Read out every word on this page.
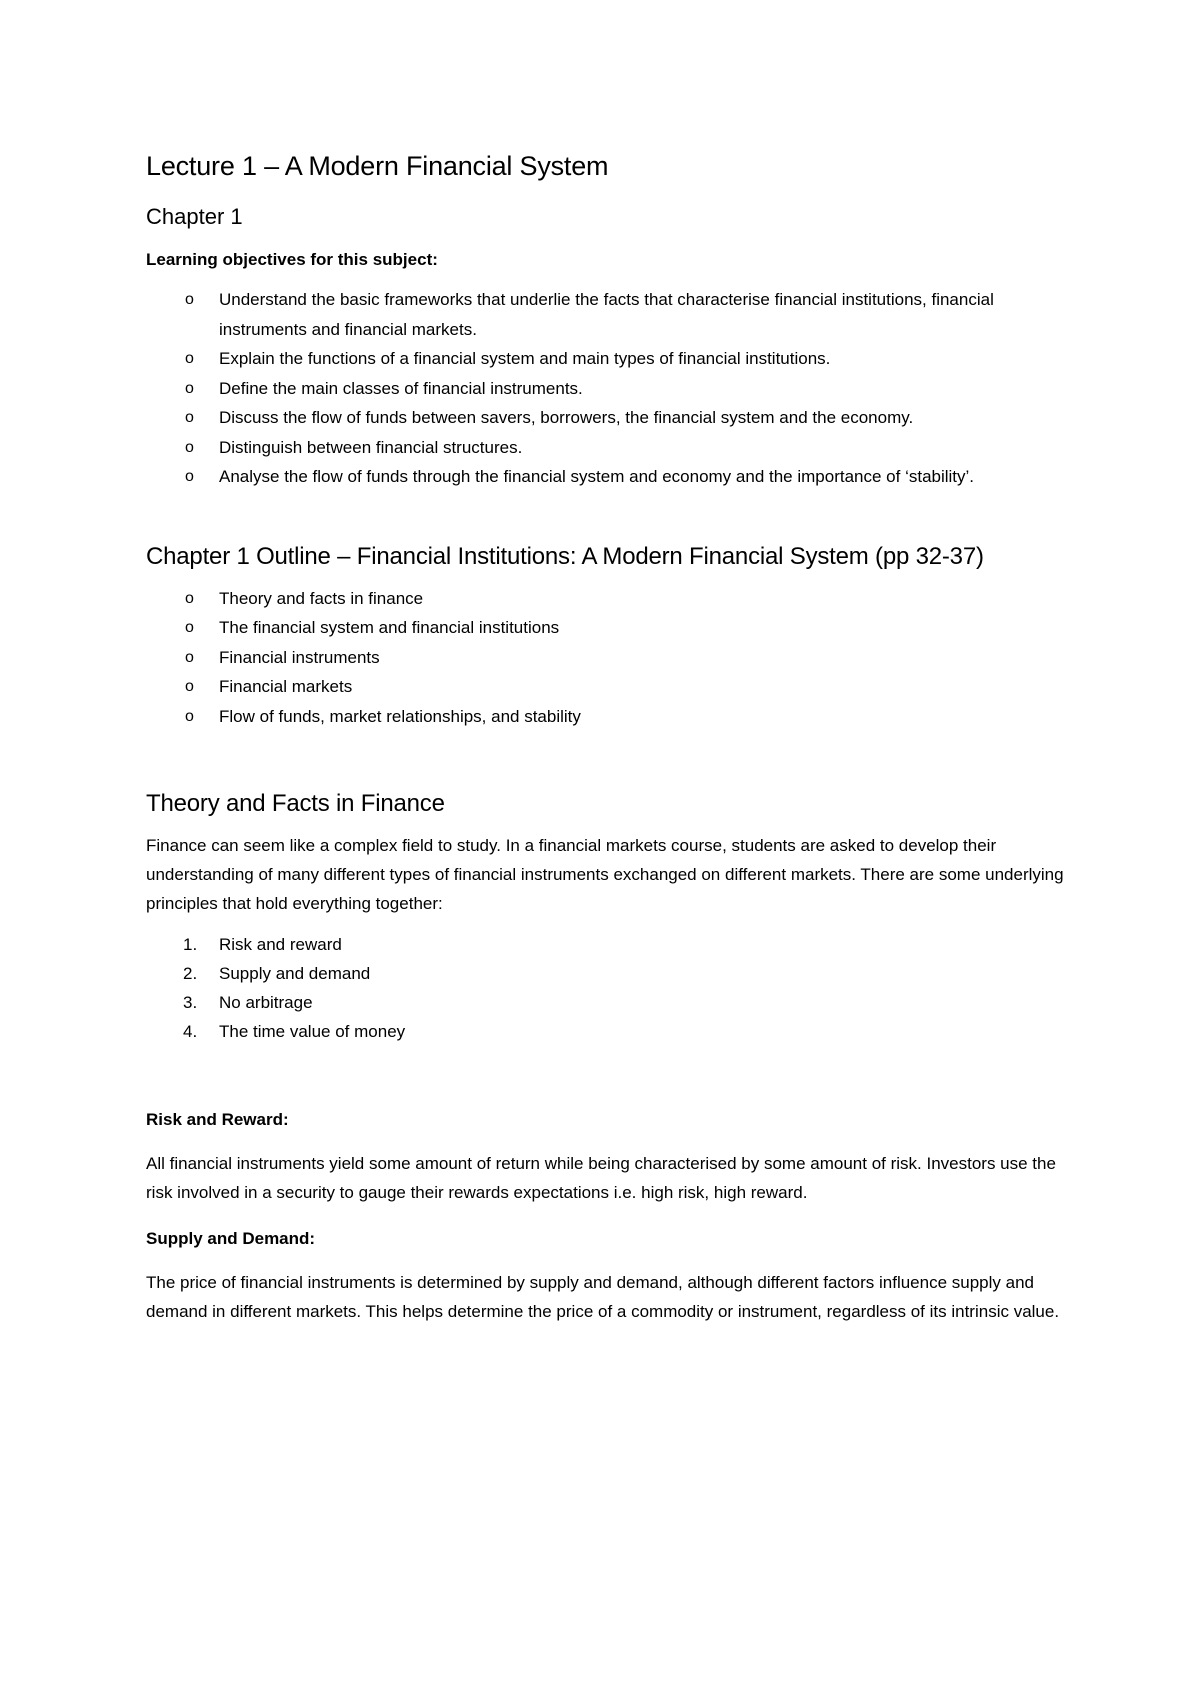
Lecture 1 – A Modern Financial System
Chapter 1

Learning objectives for this subject:

o Understand the basic frameworks that underlie the facts that characterise financial institutions, financial instruments and financial markets.
o Explain the functions of a financial system and main types of financial institutions.
o Define the main classes of financial instruments.
o Discuss the flow of funds between savers, borrowers, the financial system and the economy.
o Distinguish between financial structures.
o Analyse the flow of funds through the financial system and economy and the importance of ‘stability’.
Chapter 1 Outline – Financial Institutions: A Modern Financial System (pp 32-37)
o Theory and facts in finance
o The financial system and financial institutions
o Financial instruments
o Financial markets
o Flow of funds, market relationships, and stability
Theory and Facts in Finance

Finance can seem like a complex field to study. In a financial markets course, students are asked to develop their understanding of many different types of financial instruments exchanged on different markets. There are some underlying principles that hold everything together:

1. Risk and reward
2. Supply and demand
3. No arbitrage
4. The time value of money

Risk and Reward:

All financial instruments yield some amount of return while being characterised by some amount of risk. Investors use the risk involved in a security to gauge their rewards expectations i.e. high risk, high reward.

Supply and Demand:

The price of financial instruments is determined by supply and demand, although different factors influence supply and demand in different markets. This helps determine the price of a commodity or instrument, regardless of its intrinsic value.
